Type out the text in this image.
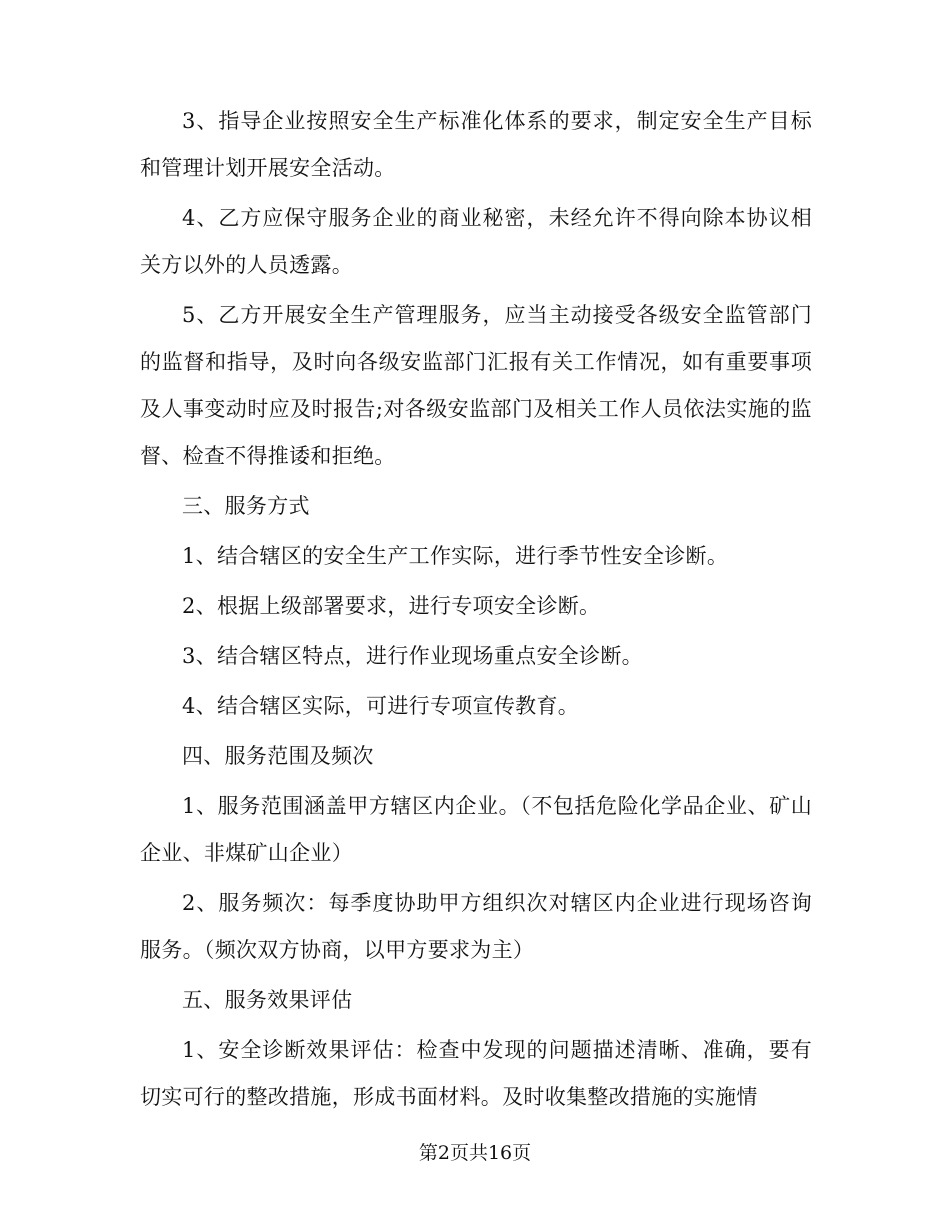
3、指导企业按照安全生产标准化体系的要求，制定安全生产目标和管理计划开展安全活动。

4、乙方应保守服务企业的商业秘密，未经允许不得向除本协议相关方以外的人员透露。

5、乙方开展安全生产管理服务，应当主动接受各级安全监管部门的监督和指导，及时向各级安监部门汇报有关工作情况，如有重要事项及人事变动时应及时报告;对各级安监部门及相关工作人员依法实施的监督、检查不得推诿和拒绝。

三、服务方式

1、结合辖区的安全生产工作实际，进行季节性安全诊断。

2、根据上级部署要求，进行专项安全诊断。

3、结合辖区特点，进行作业现场重点安全诊断。

4、结合辖区实际，可进行专项宣传教育。

四、服务范围及频次

1、服务范围涵盖甲方辖区内企业。（不包括危险化学品企业、矿山企业、非煤矿山企业）

2、服务频次：每季度协助甲方组织次对辖区内企业进行现场咨询服务。（频次双方协商，以甲方要求为主）

五、服务效果评估

1、安全诊断效果评估：检查中发现的问题描述清晰、准确，要有切实可行的整改措施，形成书面材料。及时收集整改措施的实施情

第2页共16页
